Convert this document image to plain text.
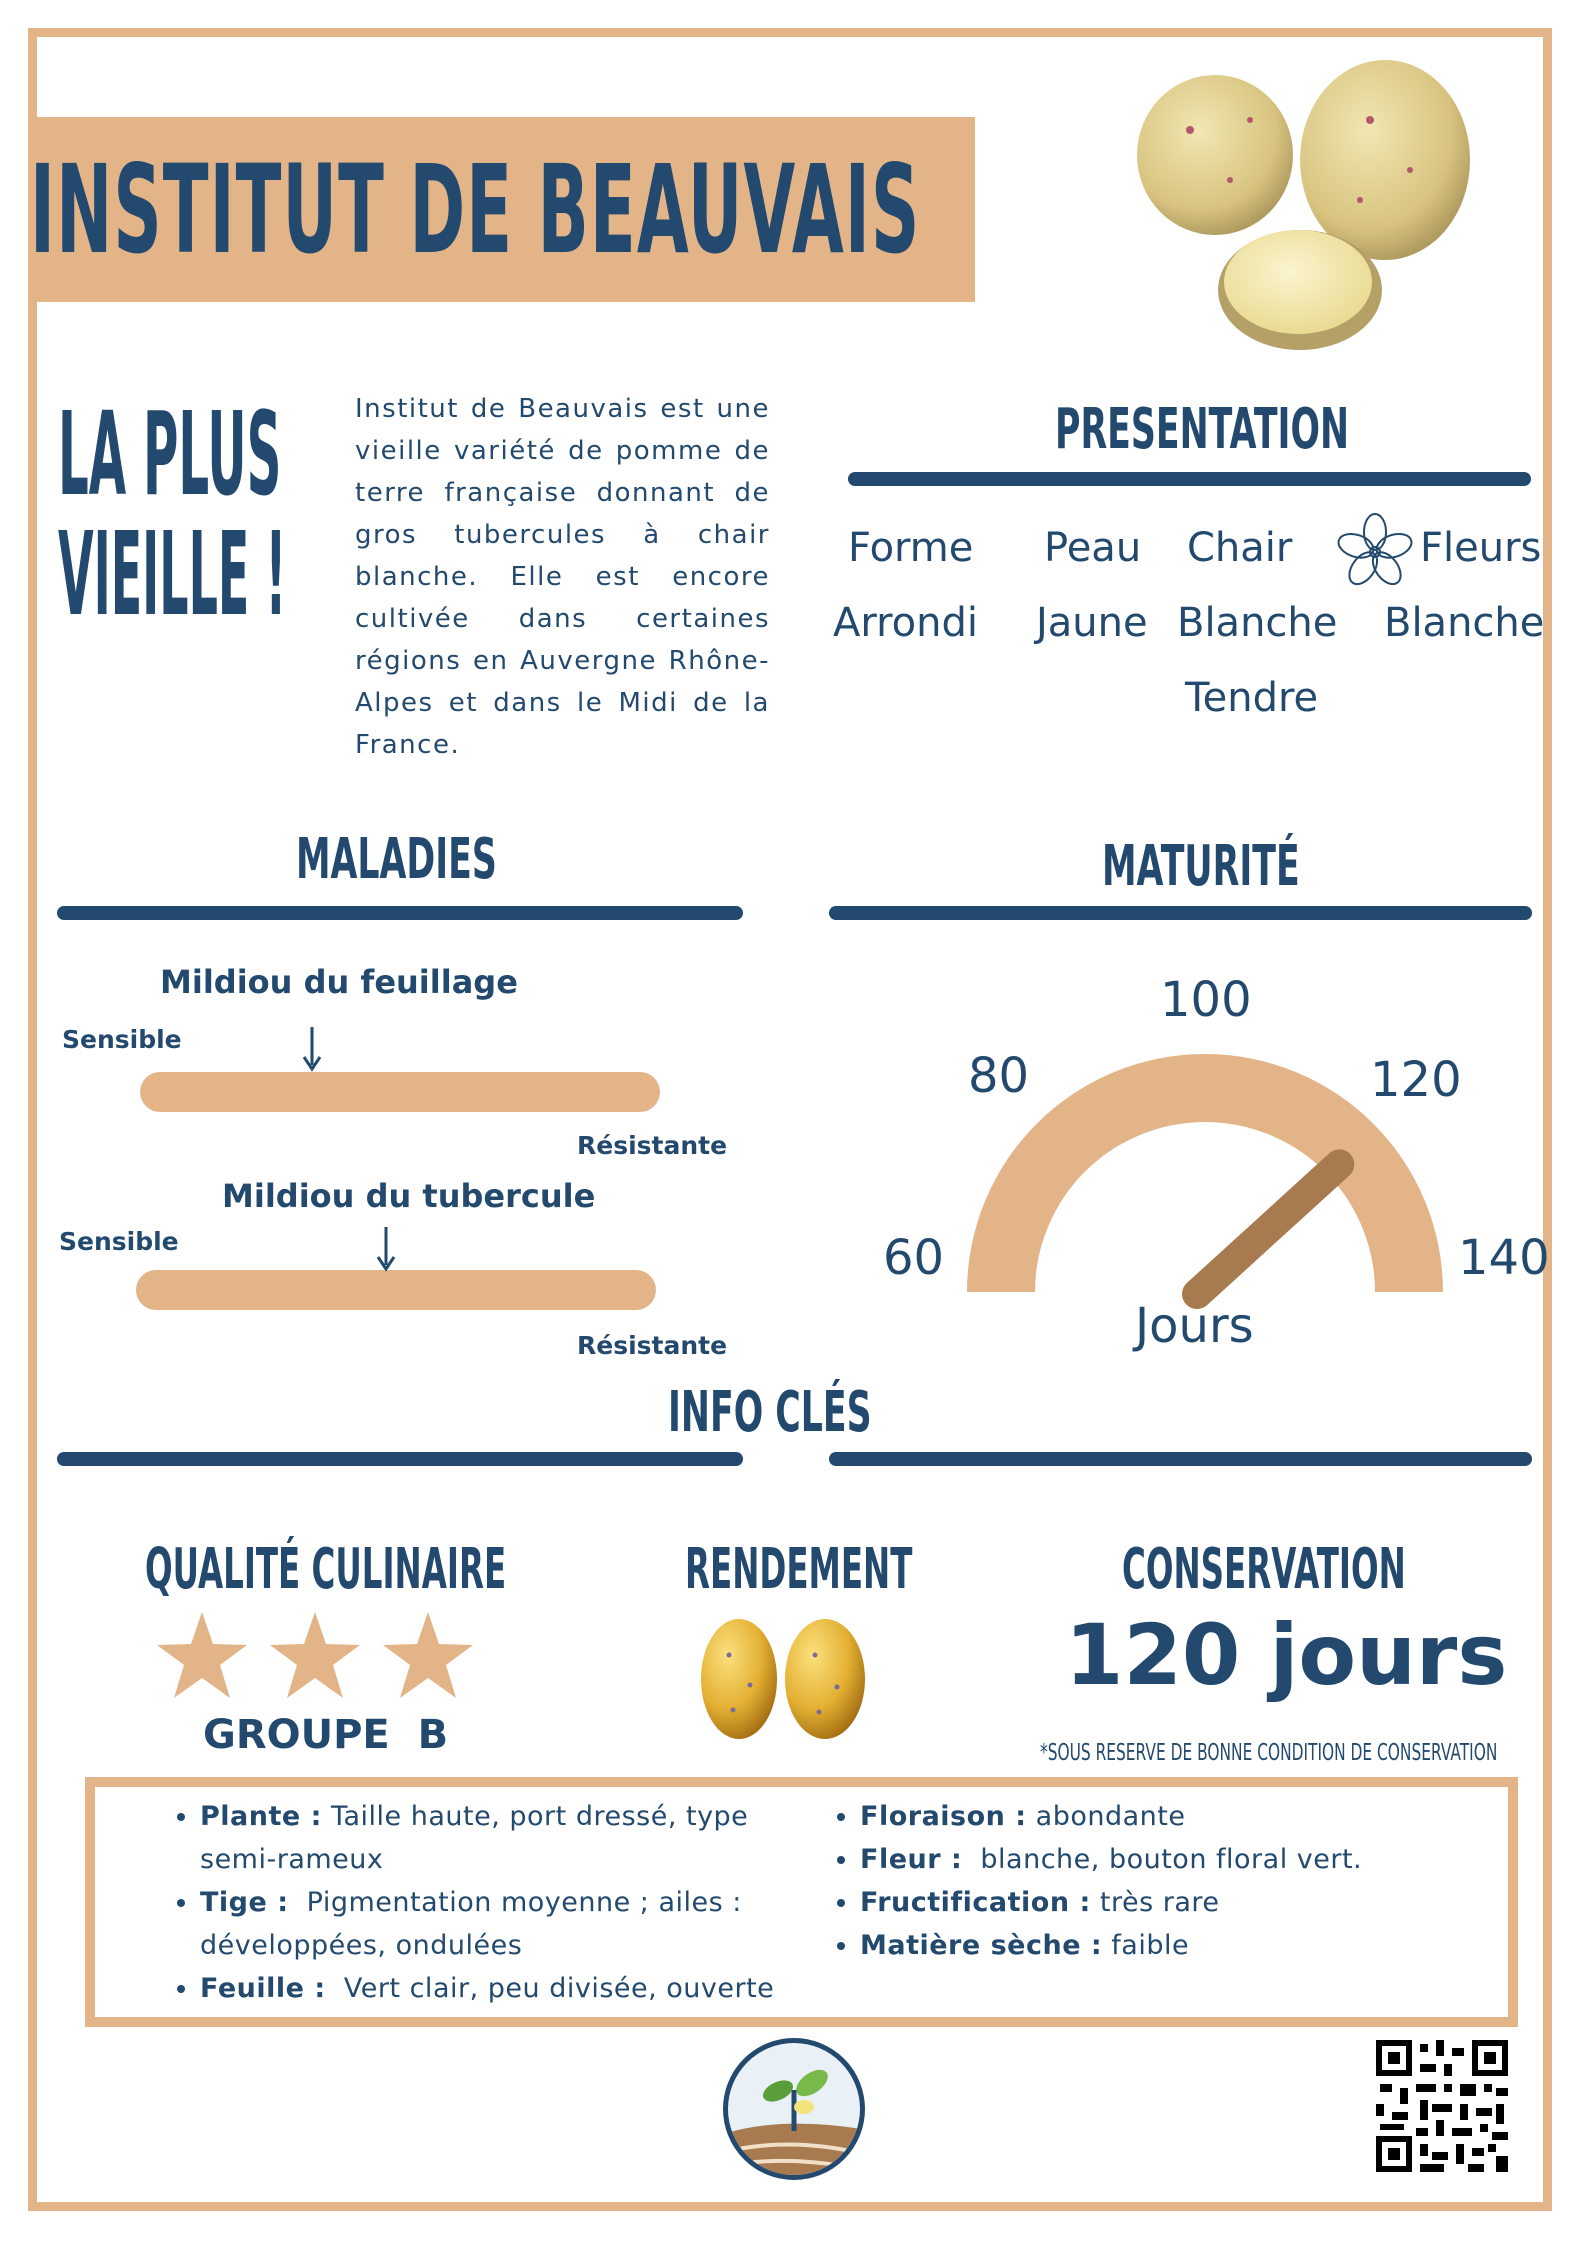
INSTITUT DE BEAUVAIS
LA PLUS
VIEILLE !
Institut de Beauvais est une vieille variété de pomme de terre française donnant de gros tubercules à chair blanche. Elle est encore cultivée dans certaines régions en Auvergne Rhône-Alpes et dans le Midi de la France.
PRESENTATION
Forme Peau Chair	Fleurs
Arrondi Jaune Blanche Blanche
Tendre
MALADIES
Mildiou du feuillage
Sensible
Résistante
Mildiou du tubercule
Sensible
Résistante
MATURITÉ
100
80	120
60	140
Jours
INFO CLÉS
QUALITÉ CULINAIRE
GROUPE  B
RENDEMENT	CONSERVATION
120 jours
*SOUS RESERVE DE BONNE CONDITION DE CONSERVATION
• Plante : Taille haute, port dressé, type semi-rameux
• Tige :  Pigmentation moyenne ; ailes : développées, ondulées
• Feuille :  Vert clair, peu divisée, ouverte
• Floraison : abondante
• Fleur :  blanche, bouton floral vert.
• Fructification : très rare
• Matière sèche : faible
